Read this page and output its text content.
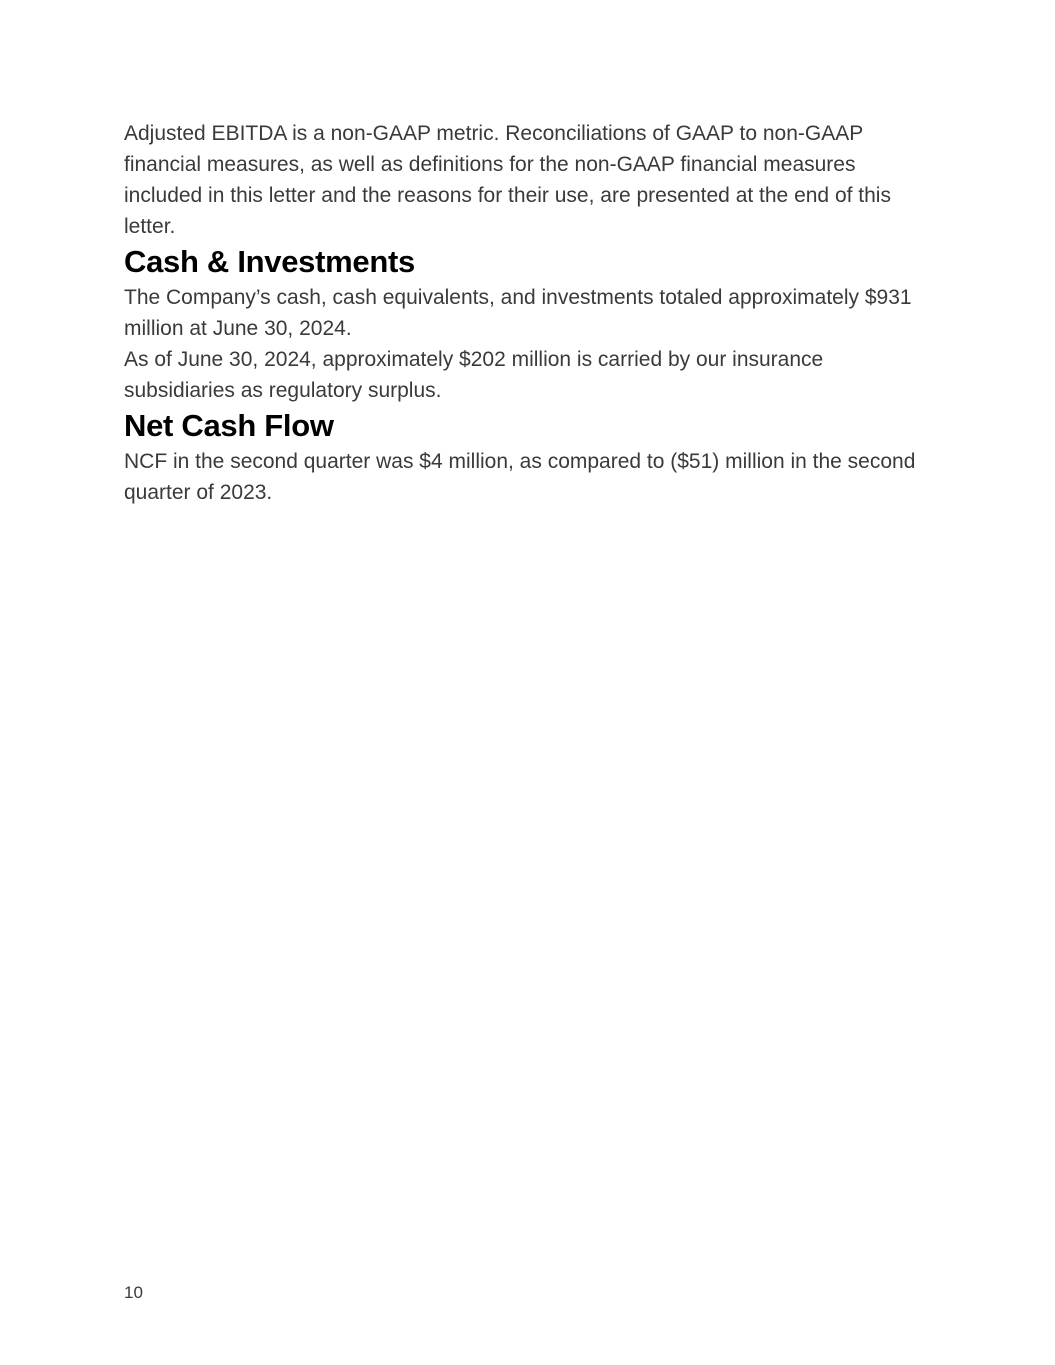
Adjusted EBITDA is a non-GAAP metric. Reconciliations of GAAP to non-GAAP financial measures, as well as definitions for the non-GAAP financial measures included in this letter and the reasons for their use, are presented at the end of this letter.

Cash & Investments

The Company’s cash, cash equivalents, and investments totaled approximately $931 million at June 30, 2024.

As of June 30, 2024, approximately $202 million is carried by our insurance subsidiaries as regulatory surplus.

Net Cash Flow

NCF in the second quarter was $4 million, as compared to ($51) million in the second quarter of 2023.

10
